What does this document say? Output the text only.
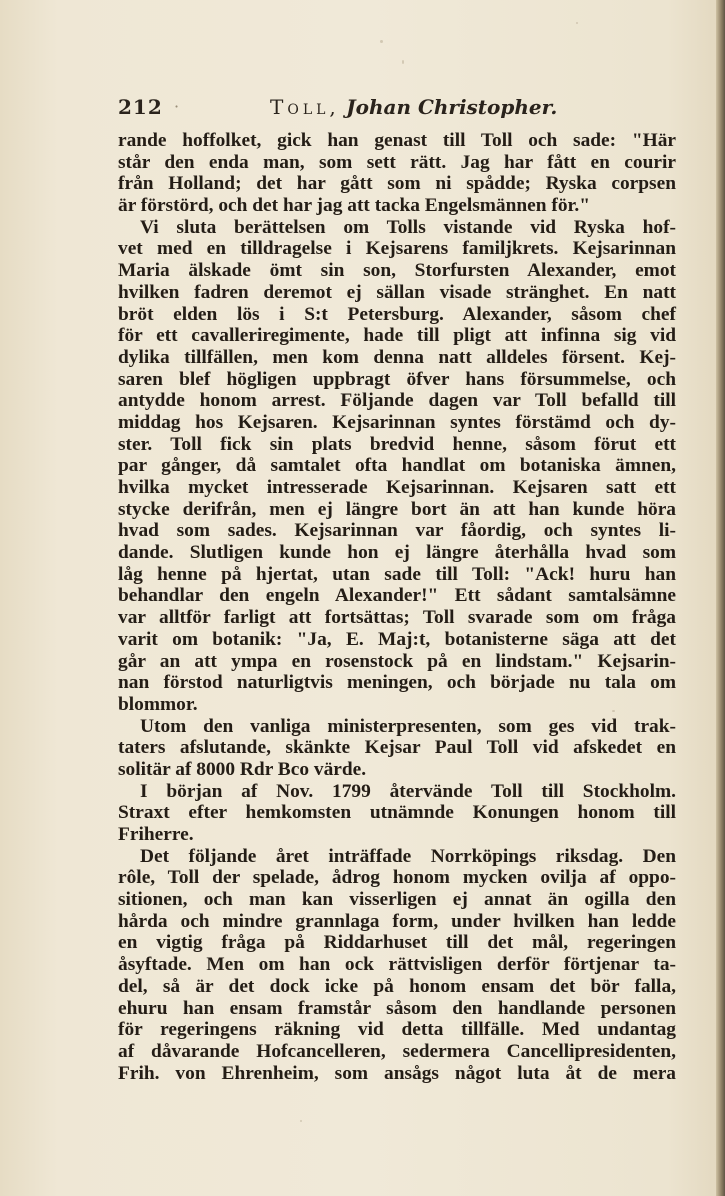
212 ·	Toll, Johan Christopher.
rande hoffolket, gick han genast till Toll och sade: "Här
står den enda man, som sett rätt. Jag har fått en courir
från Holland; det har gått som ni spådde; Ryska corpsen
är förstörd, och det har jag att tacka Engelsmännen för."
Vi sluta berättelsen om Tolls vistande vid Ryska hof-
vet med en tilldragelse i Kejsarens familjkrets. Kejsarinnan
Maria älskade ömt sin son, Storfursten Alexander, emot
hvilken fadren deremot ej sällan visade stränghet. En natt
bröt elden lös i S:t Petersburg. Alexander, såsom chef
för ett cavalleriregimente, hade till pligt att infinna sig vid
dylika tillfällen, men kom denna natt alldeles försent. Kej-
saren blef högligen uppbragt öfver hans försummelse, och
antydde honom arrest. Följande dagen var Toll befalld till
middag hos Kejsaren. Kejsarinnan syntes förstämd och dy-
ster. Toll fick sin plats bredvid henne, såsom förut ett
par gånger, då samtalet ofta handlat om botaniska ämnen,
hvilka mycket intresserade Kejsarinnan. Kejsaren satt ett
stycke derifrån, men ej längre bort än att han kunde höra
hvad som sades. Kejsarinnan var fåordig, och syntes li-
dande. Slutligen kunde hon ej längre återhålla hvad som
låg henne på hjertat, utan sade till Toll: "Ack! huru han
behandlar den engeln Alexander!" Ett sådant samtalsämne
var alltför farligt att fortsättas; Toll svarade som om fråga
varit om botanik: "Ja, E. Maj:t, botanisterne säga att det
går an att ympa en rosenstock på en lindstam." Kejsarin-
nan förstod naturligtvis meningen, och började nu tala om
blommor.
Utom den vanliga ministerpresenten, som ges vid trak-
taters afslutande, skänkte Kejsar Paul Toll vid afskedet en
solitär af 8000 Rdr Bco värde.
I början af Nov. 1799 återvände Toll till Stockholm.
Straxt efter hemkomsten utnämnde Konungen honom till
Friherre.
Det följande året inträffade Norrköpings riksdag. Den
rôle, Toll der spelade, ådrog honom mycken ovilja af oppo-
sitionen, och man kan visserligen ej annat än ogilla den
hårda och mindre grannlaga form, under hvilken han ledde
en vigtig fråga på Riddarhuset till det mål, regeringen
åsyftade. Men om han ock rättvisligen derför förtjenar ta-
del, så är det dock icke på honom ensam det bör falla,
ehuru han ensam framstår såsom den handlande personen
för regeringens räkning vid detta tillfälle. Med undantag
af dåvarande Hofcancelleren, sedermera Cancellipresidenten,
Frih. von Ehrenheim, som ansågs något luta åt de mera
